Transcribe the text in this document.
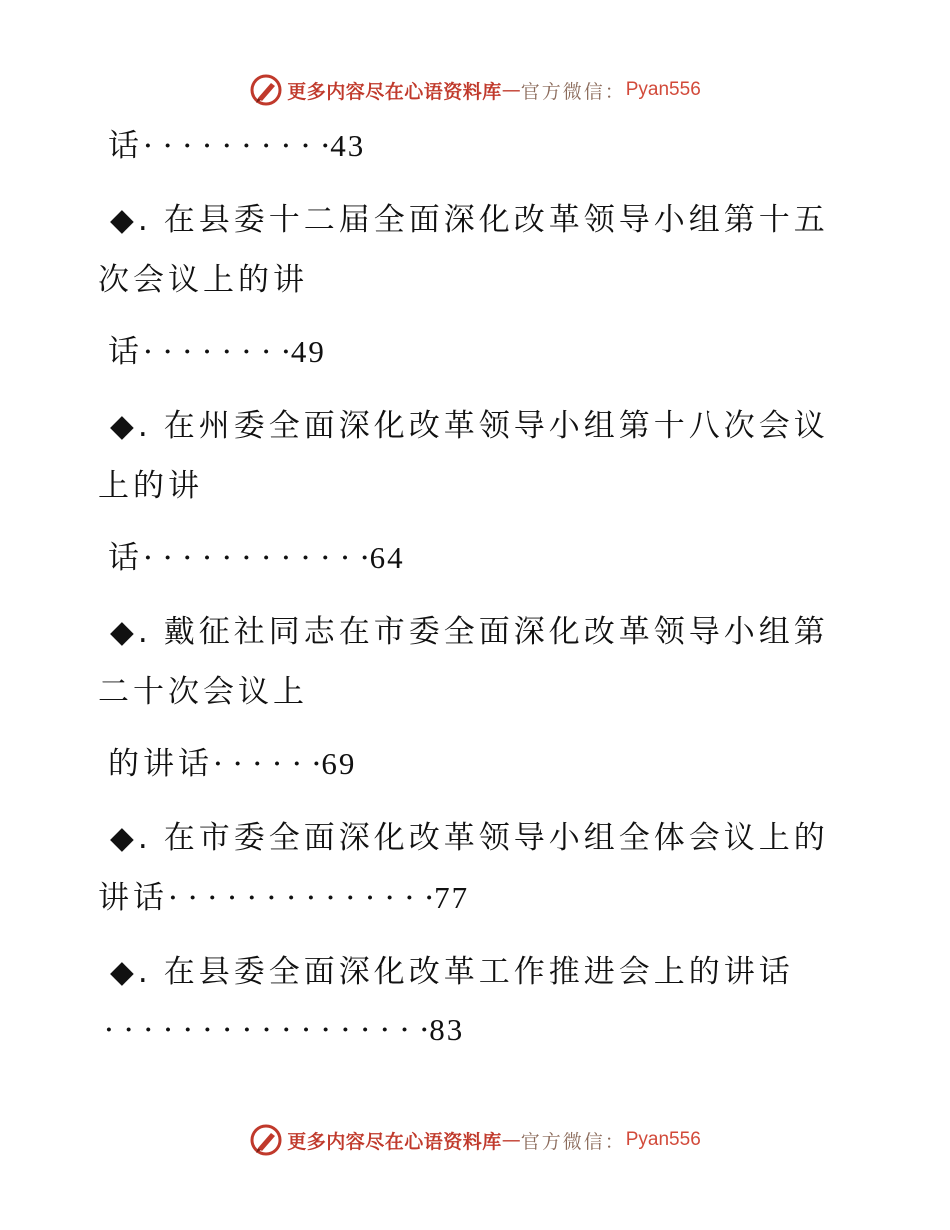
更多内容尽在心语资料库 — 官方微信： Pyan556
话· · · · · · · · · ·43
◆. 在县委十二届全面深化改革领导小组第十五
次会议上的讲
话· · · · · · · ·49
◆. 在州委全面深化改革领导小组第十八次会议
上的讲
话· · · · · · · · · · · ·64
◆. 戴征社同志在市委全面深化改革领导小组第
二十次会议上
的讲话· · · · · ·69
◆. 在市委全面深化改革领导小组全体会议上的
讲话· · · · · · · · · · · · · ·77
◆. 在县委全面深化改革工作推进会上的讲话
· · · · · · · · · · · · · · · · ·83
更多内容尽在心语资料库 — 官方微信： Pyan556
